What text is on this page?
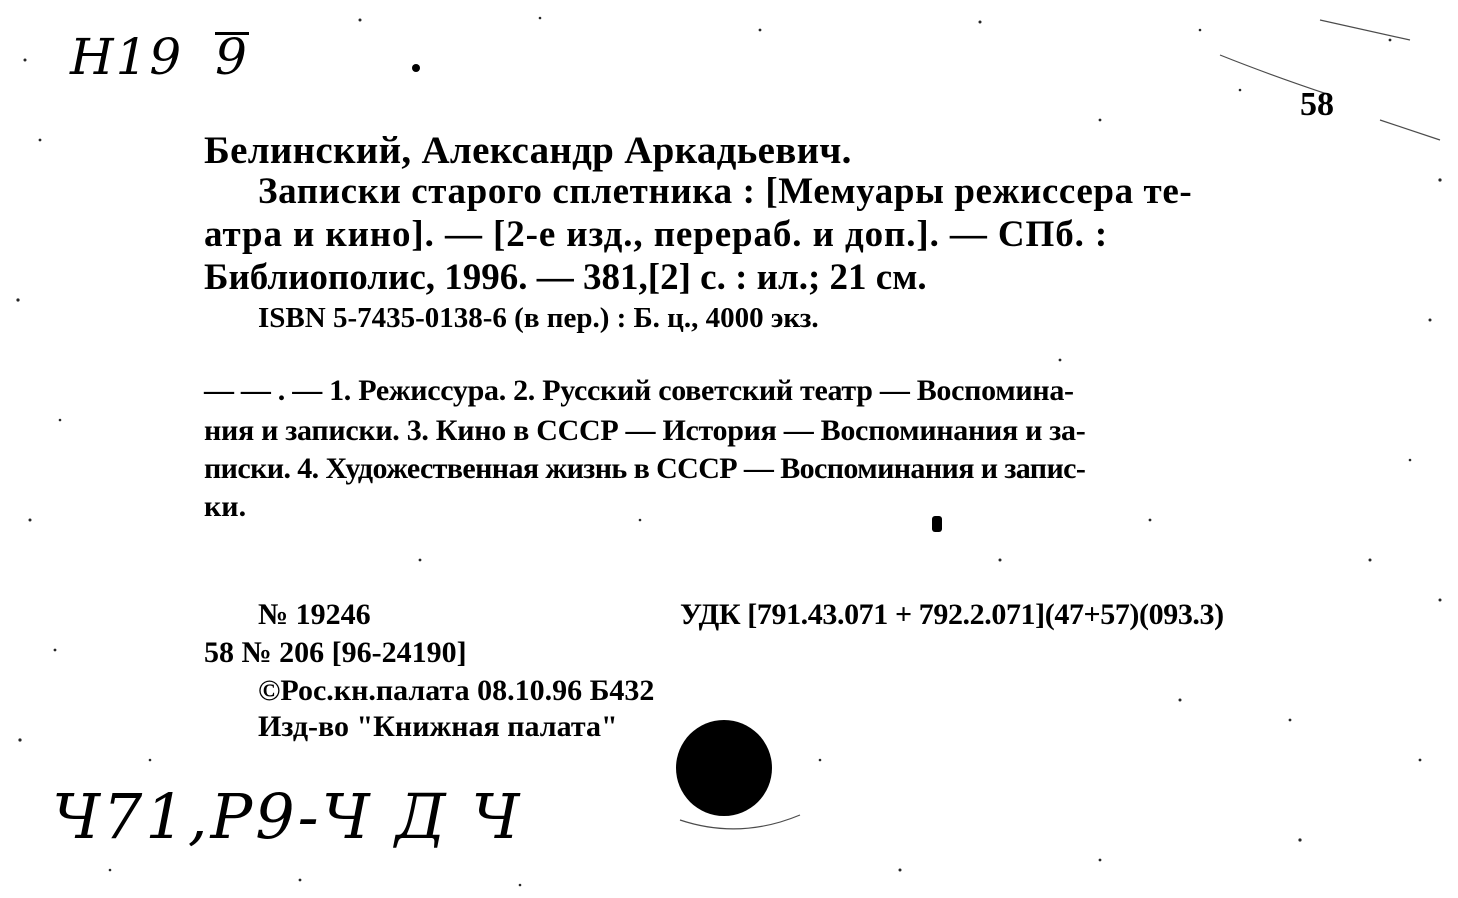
Н19 9
58
Белинский, Александр Аркадьевич.
Записки старого сплетника : [Мемуары режиссера те-
атра и кино]. — [2-е изд., перераб. и доп.]. — СПб. :
Библиополис, 1996. — 381,[2] с. : ил.; 21 см.
ISBN 5-7435-0138-6 (в пер.) : Б. ц., 4000 экз.
— — . — 1. Режиссура. 2. Русский советский театр — Воспомина-
ния и записки. 3. Кино в СССР — История — Воспоминания и за-
писки. 4. Художественная жизнь в СССР — Воспоминания и запис-
ки.
№ 19246	УДК [791.43.071 + 792.2.071](47+57)(093.3)
58 № 206 [96-24190]
©Рос.кн.палата 08.10.96 Б432
Изд-во "Книжная палата"
Ч71,Р9-Ч Д Ч
